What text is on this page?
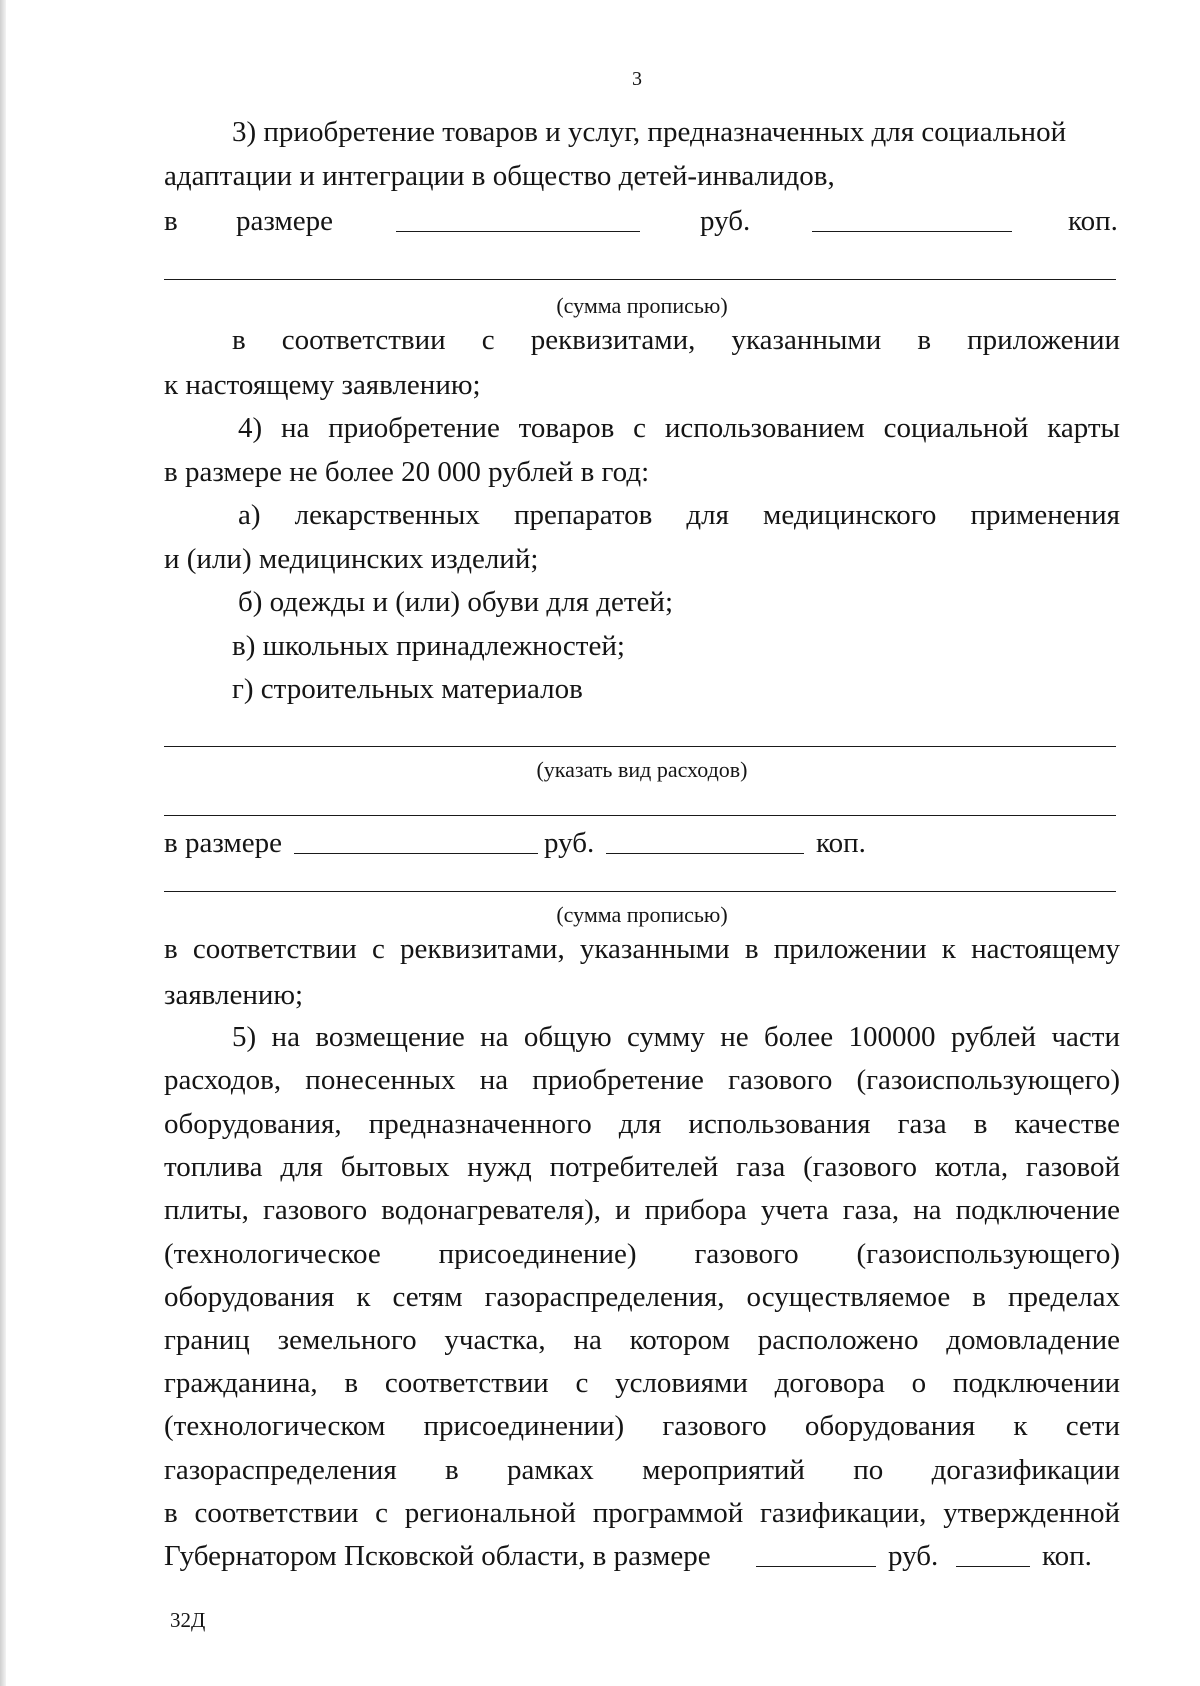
3
3) приобретение товаров и услуг, предназначенных для социальной
адаптации и интеграции в общество детей-инвалидов,
в размере	руб.	коп.
(сумма прописью)
в соответствии с реквизитами, указанными в приложении
к настоящему заявлению;
4) на приобретение товаров с использованием социальной карты
в размере не более 20 000 рублей в год:
а) лекарственных препаратов для медицинского применения
и (или) медицинских изделий;
б) одежды и (или) обуви для детей;
в) школьных принадлежностей;
г) строительных материалов
(указать вид расходов)
в размере	руб.	коп.
(сумма прописью)
в соответствии с реквизитами, указанными в приложении к настоящему
заявлению;
5) на возмещение на общую сумму не более 100000 рублей части
расходов, понесенных на приобретение газового (газоиспользующего)
оборудования, предназначенного для использования газа в качестве
топлива для бытовых нужд потребителей газа (газового котла, газовой
плиты, газового водонагревателя), и прибора учета газа, на подключение
(технологическое присоединение) газового (газоиспользующего)
оборудования к сетям газораспределения, осуществляемое в пределах
границ земельного участка, на котором расположено домовладение
гражданина, в соответствии с условиями договора о подключении
(технологическом присоединении) газового оборудования к сети
газораспределения в рамках мероприятий по догазификации
в соответствии с региональной программой газификации, утвержденной
Губернатором Псковской области, в размере	руб.	коп.
32Д
